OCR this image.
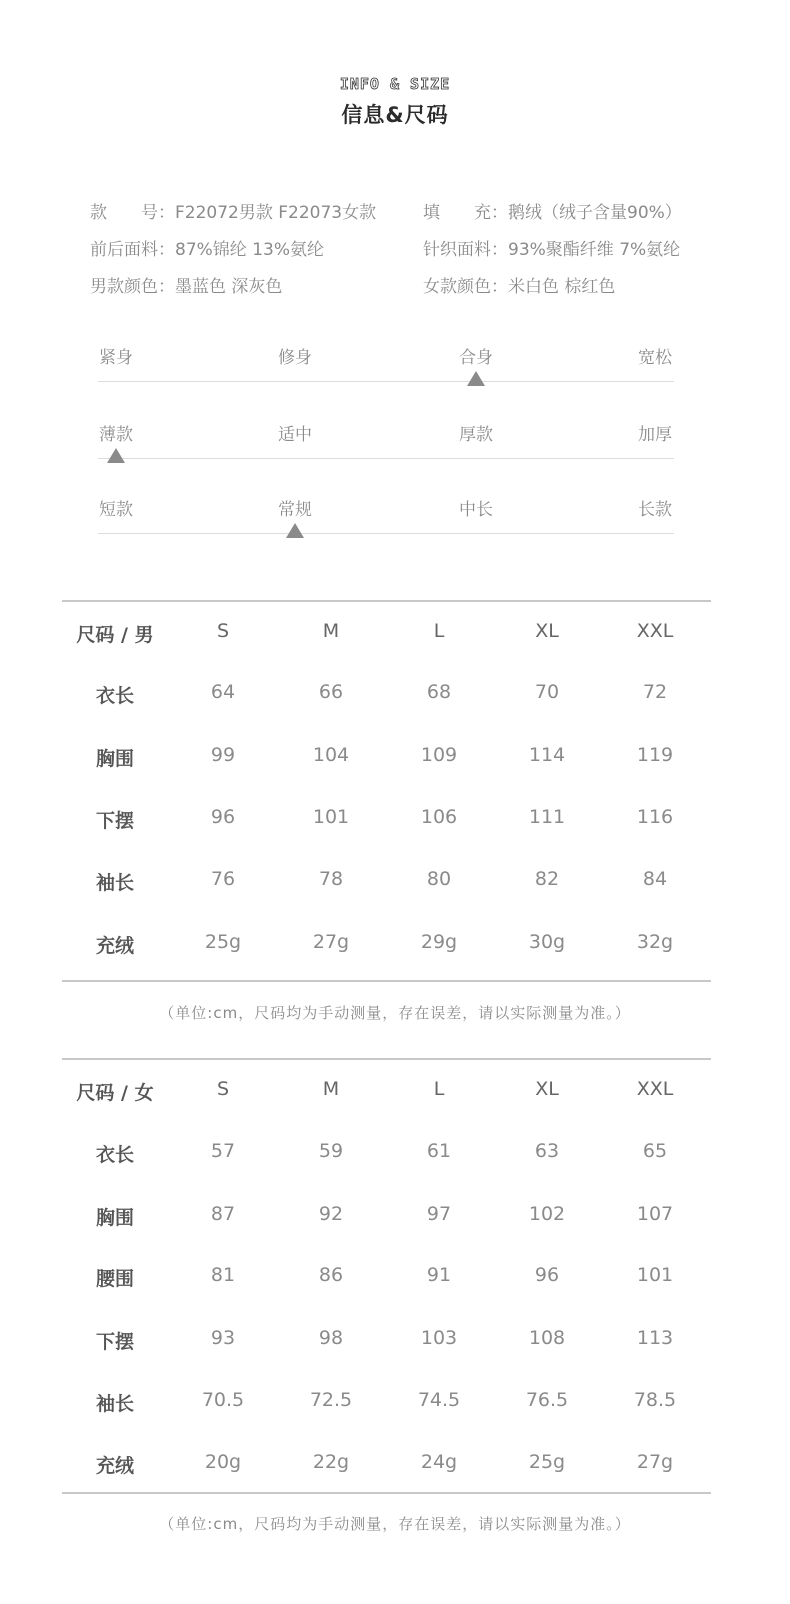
INFO & SIZE
信息&尺码
款　　号：F22072男款 F22073女款	填　　充：鹅绒（绒子含量90%）
前后面料：87%锦纶 13%氨纶	针织面料：93%聚酯纤维 7%氨纶
男款颜色：墨蓝色 深灰色	女款颜色：米白色 棕红色
紧身	修身	合身	宽松
薄款	适中	厚款	加厚
短款	常规	中长	长款
尺码 / 男	S	M	L	XL	XXL
衣长	64	66	68	70	72
胸围	99	104	109	114	119
下摆	96	101	106	111	116
袖长	76	78	80	82	84
充绒	25g	27g	29g	30g	32g
（单位:cm，尺码均为手动测量，存在误差，请以实际测量为准。）
尺码 / 女	S	M	L	XL	XXL
衣长	57	59	61	63	65
胸围	87	92	97	102	107
腰围	81	86	91	96	101
下摆	93	98	103	108	113
袖长	70.5	72.5	74.5	76.5	78.5
充绒	20g	22g	24g	25g	27g
（单位:cm，尺码均为手动测量，存在误差，请以实际测量为准。）
